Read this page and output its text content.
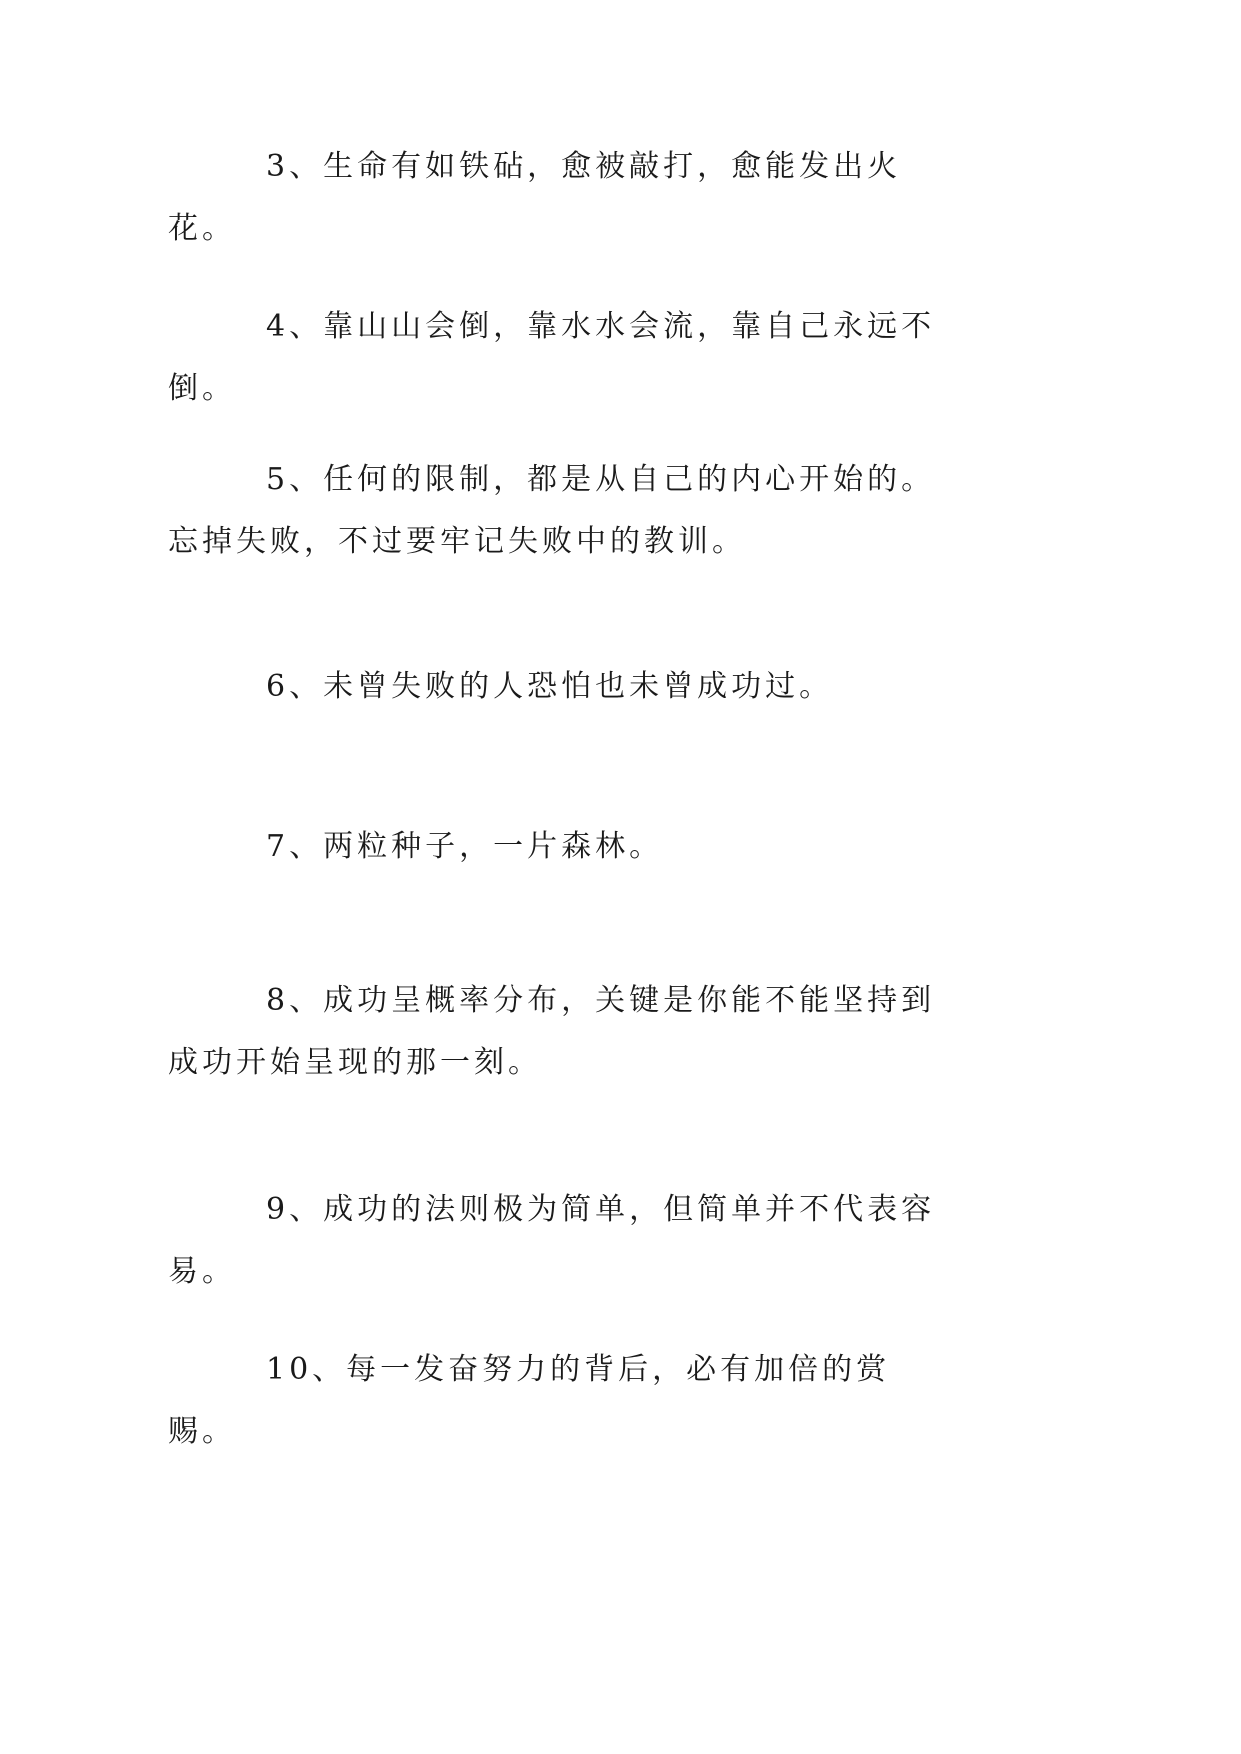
3、生命有如铁砧，愈被敲打，愈能发出火花。

4、靠山山会倒，靠水水会流，靠自己永远不倒。

5、任何的限制，都是从自己的内心开始的。忘掉失败，不过要牢记失败中的教训。

6、未曾失败的人恐怕也未曾成功过。

7、两粒种子，一片森林。

8、成功呈概率分布，关键是你能不能坚持到成功开始呈现的那一刻。

9、成功的法则极为简单，但简单并不代表容易。

10、每一发奋努力的背后，必有加倍的赏赐。
